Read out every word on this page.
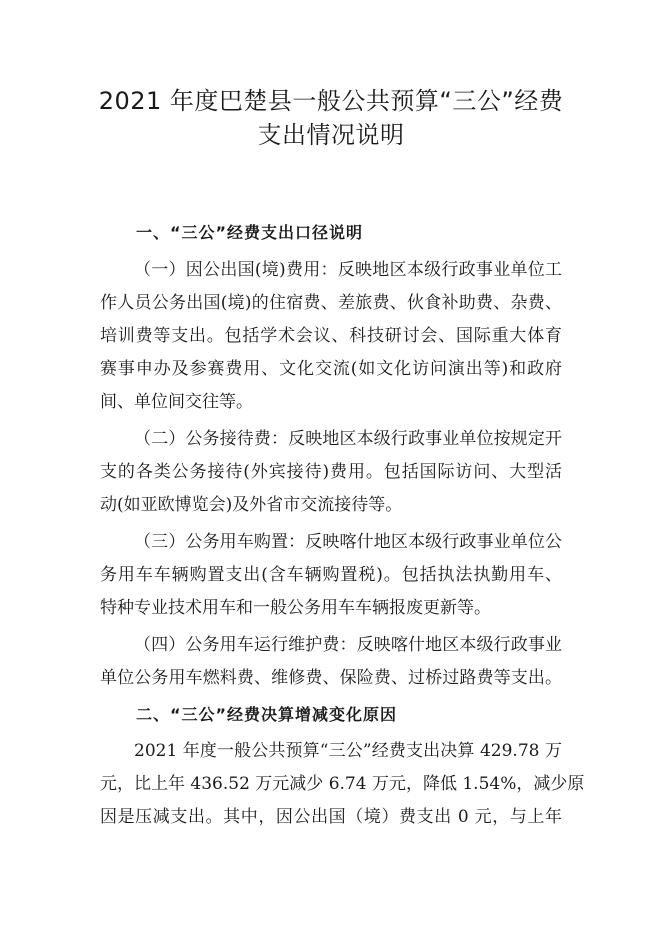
2021 年度巴楚县一般公共预算“三公”经费
支出情况说明
一、“三公”经费支出口径说明
（一）因公出国(境)费用：反映地区本级行政事业单位工
作人员公务出国(境)的住宿费、差旅费、伙食补助费、杂费、
培训费等支出。包括学术会议、科技研讨会、国际重大体育
赛事申办及参赛费用、文化交流(如文化访问演出等)和政府
间、单位间交往等。
（二）公务接待费：反映地区本级行政事业单位按规定开
支的各类公务接待(外宾接待)费用。包括国际访问、大型活
动(如亚欧博览会)及外省市交流接待等。
（三）公务用车购置：反映喀什地区本级行政事业单位公
务用车车辆购置支出(含车辆购置税)。包括执法执勤用车、
特种专业技术用车和一般公务用车车辆报废更新等。
（四）公务用车运行维护费：反映喀什地区本级行政事业
单位公务用车燃料费、维修费、保险费、过桥过路费等支出。
二、“三公”经费决算增减变化原因
2021 年度一般公共预算“三公”经费支出决算 429.78 万
元，比上年 436.52 万元减少 6.74 万元，降低 1.54%，减少原
因是压减支出。其中，因公出国（境）费支出 0 元，与上年
